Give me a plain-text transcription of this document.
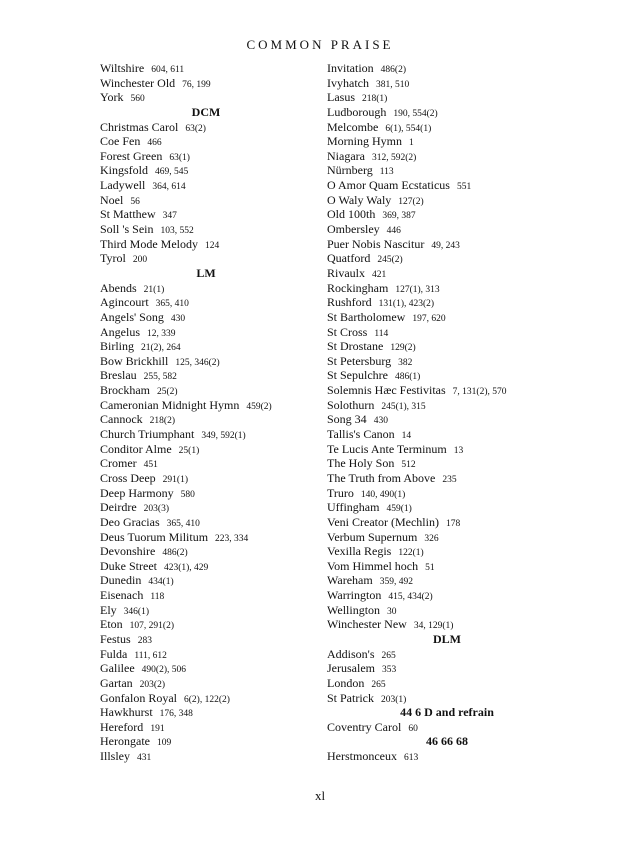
COMMON PRAISE
Wiltshire 604, 611
Winchester Old 76, 199
York 560
DCM
Christmas Carol 63(2)
Coe Fen 466
Forest Green 63(1)
Kingsfold 469, 545
Ladywell 364, 614
Noel 56
St Matthew 347
Soll 's Sein 103, 552
Third Mode Melody 124
Tyrol 200
LM
Abends 21(1)
Agincourt 365, 410
Angels' Song 430
Angelus 12, 339
Birling 21(2), 264
Bow Brickhill 125, 346(2)
Breslau 255, 582
Brockham 25(2)
Cameronian Midnight Hymn 459(2)
Cannock 218(2)
Church Triumphant 349, 592(1)
Conditor Alme 25(1)
Cromer 451
Cross Deep 291(1)
Deep Harmony 580
Deirdre 203(3)
Deo Gracias 365, 410
Deus Tuorum Militum 223, 334
Devonshire 486(2)
Duke Street 423(1), 429
Dunedin 434(1)
Eisenach 118
Ely 346(1)
Eton 107, 291(2)
Festus 283
Fulda 111, 612
Galilee 490(2), 506
Gartan 203(2)
Gonfalon Royal 6(2), 122(2)
Hawkhurst 176, 348
Hereford 191
Herongate 109
Illsley 431
Invitation 486(2)
Ivyhatch 381, 510
Lasus 218(1)
Ludborough 190, 554(2)
Melcombe 6(1), 554(1)
Morning Hymn 1
Niagara 312, 592(2)
Nürnberg 113
O Amor Quam Ecstaticus 551
O Waly Waly 127(2)
Old 100th 369, 387
Ombersley 446
Puer Nobis Nascitur 49, 243
Quatford 245(2)
Rivaulx 421
Rockingham 127(1), 313
Rushford 131(1), 423(2)
St Bartholomew 197, 620
St Cross 114
St Drostane 129(2)
St Petersburg 382
St Sepulchre 486(1)
Solemnis Hæc Festivitas 7, 131(2), 570
Solothurn 245(1), 315
Song 34 430
Tallis's Canon 14
Te Lucis Ante Terminum 13
The Holy Son 512
The Truth from Above 235
Truro 140, 490(1)
Uffingham 459(1)
Veni Creator (Mechlin) 178
Verbum Supernum 326
Vexilla Regis 122(1)
Vom Himmel hoch 51
Wareham 359, 492
Warrington 415, 434(2)
Wellington 30
Winchester New 34, 129(1)
DLM
Addison's 265
Jerusalem 353
London 265
St Patrick 203(1)
44 6 D and refrain
Coventry Carol 60
46 66 68
Herstmonceux 613
xl
